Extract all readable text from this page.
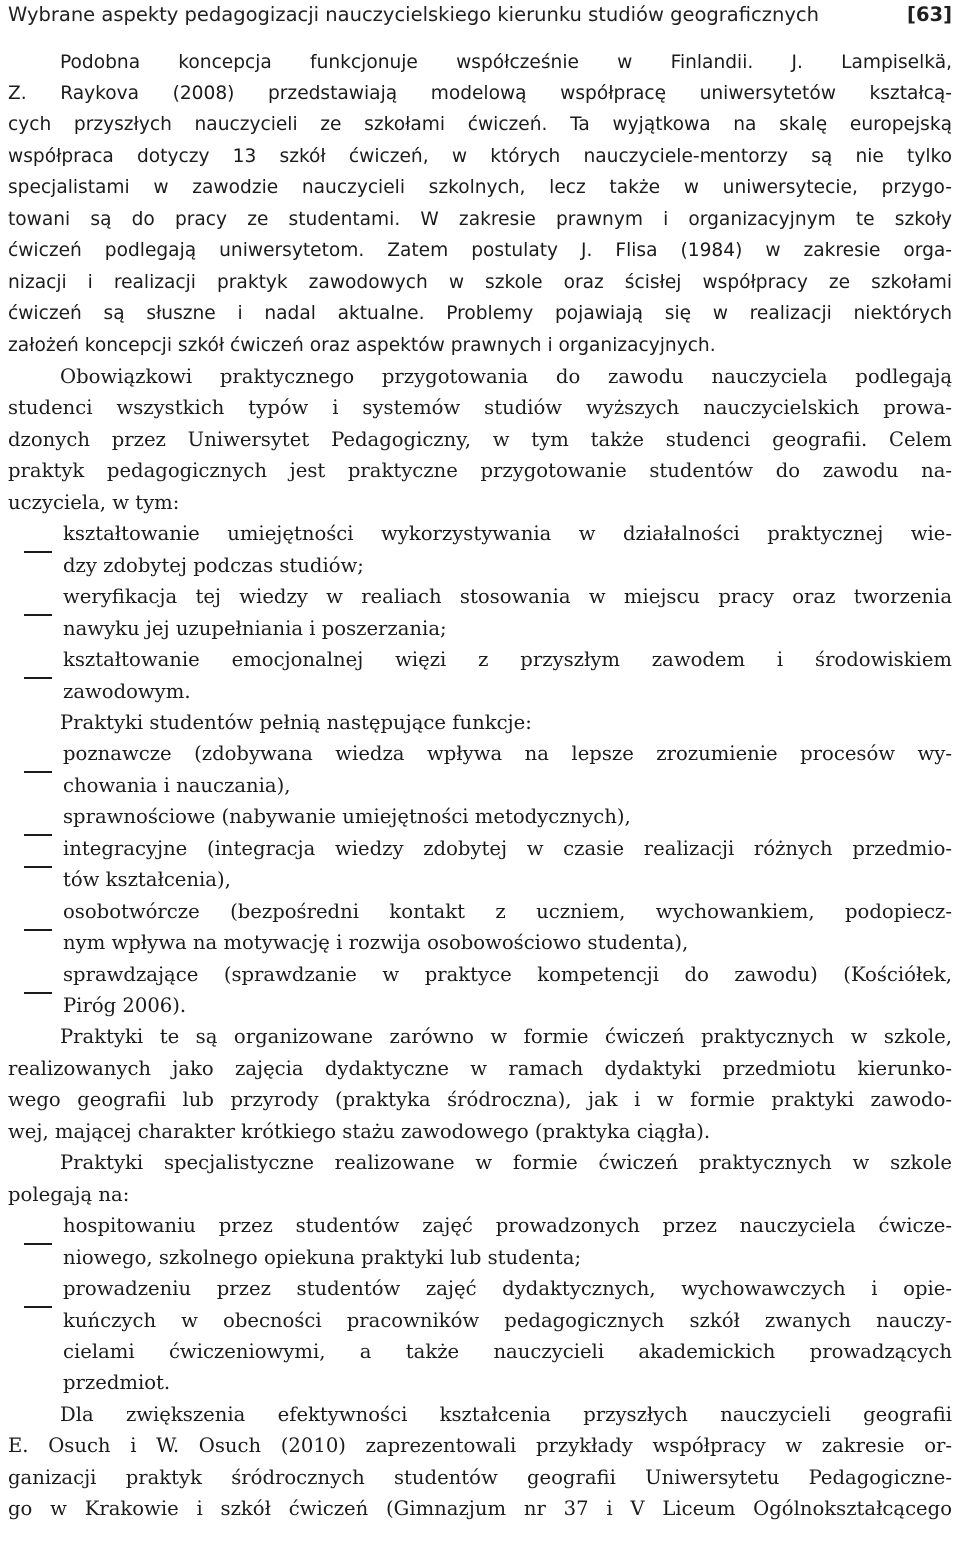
Wybrane aspekty pedagogizacji nauczycielskiego kierunku studiów geograficznych	[63]
Podobna koncepcja funkcjonuje współcześnie w Finlandii. J. Lampiselkä,
Z. Raykova (2008) przedstawiają modelową współpracę uniwersytetów kształcą-
cych przyszłych nauczycieli ze szkołami ćwiczeń. Ta wyjątkowa na skalę europejską
współpraca dotyczy 13 szkół ćwiczeń, w których nauczyciele-mentorzy są nie tylko
specjalistami w zawodzie nauczycieli szkolnych, lecz także w uniwersytecie, przygo-
towani są do pracy ze studentami. W zakresie prawnym i organizacyjnym te szkoły
ćwiczeń podlegają uniwersytetom. Zatem postulaty J. Flisa (1984) w zakresie orga-
nizacji i realizacji praktyk zawodowych w szkole oraz ścisłej współpracy ze szkołami
ćwiczeń są słuszne i nadal aktualne. Problemy pojawiają się w realizacji niektórych
założeń koncepcji szkół ćwiczeń oraz aspektów prawnych i organizacyjnych.
Obowiązkowi praktycznego przygotowania do zawodu nauczyciela podlegają
studenci wszystkich typów i systemów studiów wyższych nauczycielskich prowa-
dzonych przez Uniwersytet Pedagogiczny, w tym także studenci geografii. Celem
praktyk pedagogicznych jest praktyczne przygotowanie studentów do zawodu na-
uczyciela, w tym:
kształtowanie umiejętności wykorzystywania w działalności praktycznej wie-
dzy zdobytej podczas studiów;
weryfikacja tej wiedzy w realiach stosowania w miejscu pracy oraz tworzenia
nawyku jej uzupełniania i poszerzania;
kształtowanie emocjonalnej więzi z przyszłym zawodem i środowiskiem
zawodowym.
Praktyki studentów pełnią następujące funkcje:
poznawcze (zdobywana wiedza wpływa na lepsze zrozumienie procesów wy-
chowania i nauczania),
sprawnościowe (nabywanie umiejętności metodycznych),
integracyjne (integracja wiedzy zdobytej w czasie realizacji różnych przedmio-
tów kształcenia),
osobotwórcze (bezpośredni kontakt z uczniem, wychowankiem, podopiecz-
nym wpływa na motywację i rozwija osobowościowo studenta),
sprawdzające (sprawdzanie w praktyce kompetencji do zawodu) (Kościółek,
Piróg 2006).
Praktyki te są organizowane zarówno w formie ćwiczeń praktycznych w szkole,
realizowanych jako zajęcia dydaktyczne w ramach dydaktyki przedmiotu kierunko-
wego geografii lub przyrody (praktyka śródroczna), jak i w formie praktyki zawodo-
wej, mającej charakter krótkiego stażu zawodowego (praktyka ciągła).
Praktyki specjalistyczne realizowane w formie ćwiczeń praktycznych w szkole
polegają na:
hospitowaniu przez studentów zajęć prowadzonych przez nauczyciela ćwicze-
niowego, szkolnego opiekuna praktyki lub studenta;
prowadzeniu przez studentów zajęć dydaktycznych, wychowawczych i opie-
kuńczych w obecności pracowników pedagogicznych szkół zwanych nauczy-
cielami ćwiczeniowymi, a także nauczycieli akademickich prowadzących
przedmiot.
Dla zwiększenia efektywności kształcenia przyszłych nauczycieli geografii
E. Osuch i W. Osuch (2010) zaprezentowali przykłady współpracy w zakresie or-
ganizacji praktyk śródrocznych studentów geografii Uniwersytetu Pedagogiczne-
go w Krakowie i szkół ćwiczeń (Gimnazjum nr 37 i V Liceum Ogólnokształcącego
